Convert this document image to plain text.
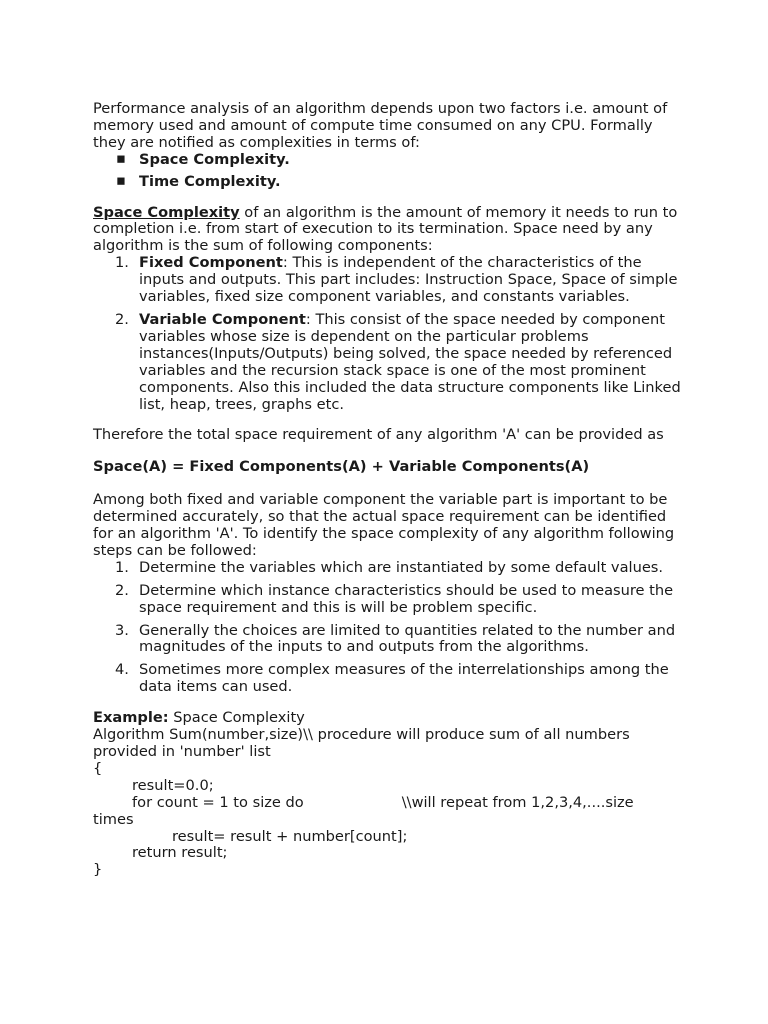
Performance analysis of an algorithm depends upon two factors i.e. amount of memory used and amount of compute time consumed on any CPU. Formally they are notified as complexities in terms of:

▪ Space Complexity.
▪ Time Complexity.

Space Complexity of an algorithm is the amount of memory it needs to run to completion i.e. from start of execution to its termination. Space need by any algorithm is the sum of following components:

1. Fixed Component: This is independent of the characteristics of the inputs and outputs. This part includes: Instruction Space, Space of simple variables, fixed size component variables, and constants variables.
2. Variable Component: This consist of the space needed by component variables whose size is dependent on the particular problems instances(Inputs/Outputs) being solved, the space needed by referenced variables and the recursion stack space is one of the most prominent components. Also this included the data structure components like Linked list, heap, trees, graphs etc.

Therefore the total space requirement of any algorithm 'A' can be provided as

Space(A) = Fixed Components(A) + Variable Components(A)

Among both fixed and variable component the variable part is important to be determined accurately, so that the actual space requirement can be identified for an algorithm 'A'. To identify the space complexity of any algorithm following steps can be followed:

1. Determine the variables which are instantiated by some default values.
2. Determine which instance characteristics should be used to measure the space requirement and this is will be problem specific.
3. Generally the choices are limited to quantities related to the number and magnitudes of the inputs to and outputs from the algorithms.
4. Sometimes more complex measures of the interrelationships among the data items can used.

Example: Space Complexity

Algorithm Sum(number,size)\\ procedure will produce sum of all numbers provided in 'number' list

{
result=0.0;
for count = 1 to size do	\\will repeat from 1,2,3,4,....size
times
result= result + number[count];
return result;
}
